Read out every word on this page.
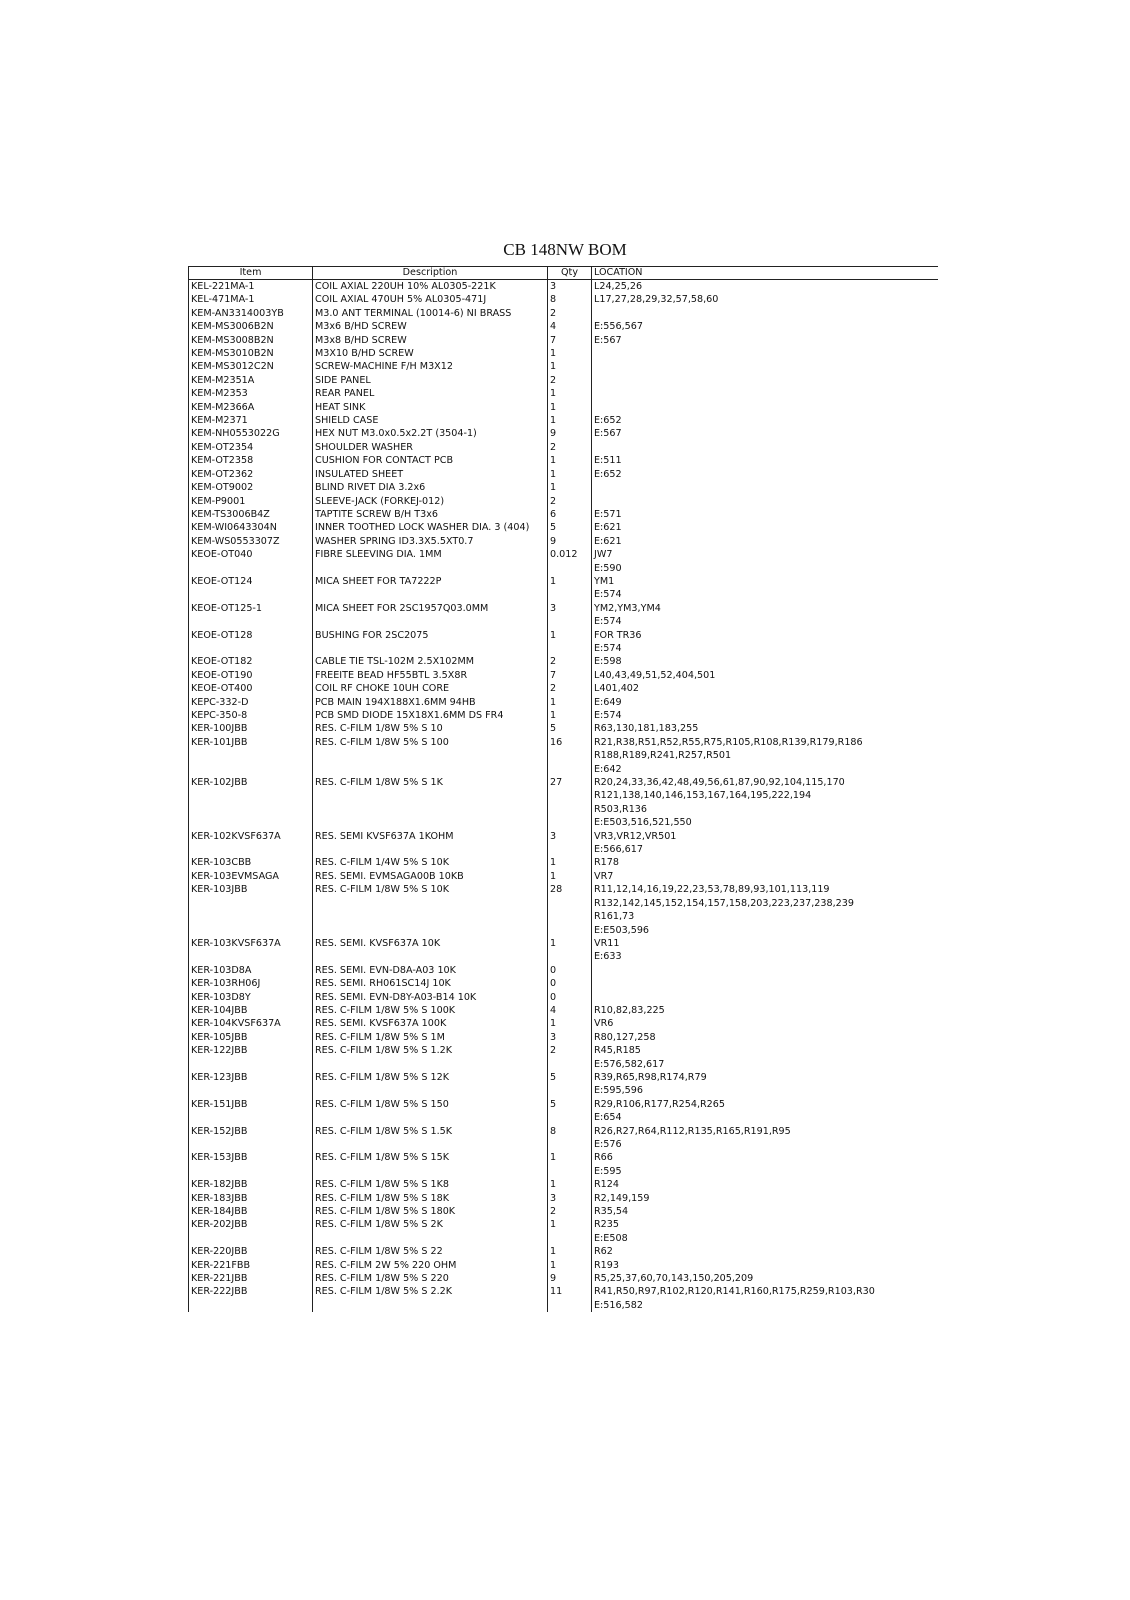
CB 148NW BOM
Item	Description	Qty	LOCATION
KEL-221MA-1	COIL AXIAL 220UH 10% AL0305-221K	3	L24,25,26

KEL-471MA-1	COIL AXIAL 470UH 5% AL0305-471J	8	L17,27,28,29,32,57,58,60

KEM-AN3314003YB	M3.0 ANT TERMINAL (10014-6) NI BRASS	2	
KEM-MS3006B2N	M3x6 B/HD SCREW	4	E:556,567

KEM-MS3008B2N	M3x8 B/HD SCREW	7	E:567

KEM-MS3010B2N	M3X10 B/HD SCREW	1	
KEM-MS3012C2N	SCREW-MACHINE F/H M3X12	1	
KEM-M2351A	SIDE PANEL	2	
KEM-M2353	REAR PANEL	1	
KEM-M2366A	HEAT SINK	1	
KEM-M2371	SHIELD CASE	1	E:652

KEM-NH0553022G	HEX NUT M3.0x0.5x2.2T (3504-1)	9	E:567

KEM-OT2354	SHOULDER WASHER	2	
KEM-OT2358	CUSHION FOR CONTACT PCB	1	E:511

KEM-OT2362	INSULATED SHEET	1	E:652

KEM-OT9002	BLIND RIVET DIA 3.2x6	1	
KEM-P9001	SLEEVE-JACK (FORKEJ-012)	2	
KEM-TS3006B4Z	TAPTITE SCREW B/H T3x6	6	E:571

KEM-WI0643304N	INNER TOOTHED LOCK WASHER DIA. 3 (404)	5	E:621

KEM-WS0553307Z	WASHER SPRING ID3.3X5.5XT0.7	9	E:621

KEOE-OT040	FIBRE SLEEVING DIA. 1MM	0.012	JW7
E:590

KEOE-OT124	MICA SHEET FOR TA7222P	1	YM1
E:574

KEOE-OT125-1	MICA SHEET FOR 2SC1957Q03.0MM	3	YM2,YM3,YM4
E:574

KEOE-OT128	BUSHING FOR 2SC2075	1	FOR TR36
E:574

KEOE-OT182	CABLE TIE TSL-102M 2.5X102MM	2	E:598

KEOE-OT190	FREEITE BEAD HF55BTL 3.5X8R	7	L40,43,49,51,52,404,501

KEOE-OT400	COIL RF CHOKE 10UH CORE	2	L401,402

KEPC-332-D	PCB MAIN 194X188X1.6MM 94HB	1	E:649

KEPC-350-8	PCB SMD DIODE 15X18X1.6MM DS FR4	1	E:574

KER-100JBB	RES. C-FILM 1/8W 5% S 10	5	R63,130,181,183,255

KER-101JBB	RES. C-FILM 1/8W 5% S 100	16	R21,R38,R51,R52,R55,R75,R105,R108,R139,R179,R186
R188,R189,R241,R257,R501
E:642

KER-102JBB	RES. C-FILM 1/8W 5% S 1K	27	R20,24,33,36,42,48,49,56,61,87,90,92,104,115,170
R121,138,140,146,153,167,164,195,222,194
R503,R136
E:E503,516,521,550

KER-102KVSF637A	RES. SEMI KVSF637A 1KOHM	3	VR3,VR12,VR501
E:566,617

KER-103CBB	RES. C-FILM 1/4W 5% S 10K	1	R178

KER-103EVMSAGA	RES. SEMI. EVMSAGA00B 10KB	1	VR7

KER-103JBB	RES. C-FILM 1/8W 5% S 10K	28	R11,12,14,16,19,22,23,53,78,89,93,101,113,119
R132,142,145,152,154,157,158,203,223,237,238,239
R161,73
E:E503,596

KER-103KVSF637A	RES. SEMI. KVSF637A 10K	1	VR11
E:633

KER-103D8A	RES. SEMI. EVN-D8A-A03 10K	0	
KER-103RH06J	RES. SEMI. RH061SC14J 10K	0	
KER-103D8Y	RES. SEMI. EVN-D8Y-A03-B14 10K	0	
KER-104JBB	RES. C-FILM 1/8W 5% S 100K	4	R10,82,83,225

KER-104KVSF637A	RES. SEMI. KVSF637A 100K	1	VR6

KER-105JBB	RES. C-FILM 1/8W 5% S 1M	3	R80,127,258

KER-122JBB	RES. C-FILM 1/8W 5% S 1.2K	2	R45,R185
E:576,582,617

KER-123JBB	RES. C-FILM 1/8W 5% S 12K	5	R39,R65,R98,R174,R79
E:595,596

KER-151JBB	RES. C-FILM 1/8W 5% S 150	5	R29,R106,R177,R254,R265
E:654

KER-152JBB	RES. C-FILM 1/8W 5% S 1.5K	8	R26,R27,R64,R112,R135,R165,R191,R95
E:576

KER-153JBB	RES. C-FILM 1/8W 5% S 15K	1	R66
E:595

KER-182JBB	RES. C-FILM 1/8W 5% S 1K8	1	R124

KER-183JBB	RES. C-FILM 1/8W 5% S 18K	3	R2,149,159

KER-184JBB	RES. C-FILM 1/8W 5% S 180K	2	R35,54

KER-202JBB	RES. C-FILM 1/8W 5% S 2K	1	R235
E:E508

KER-220JBB	RES. C-FILM 1/8W 5% S 22	1	R62

KER-221FBB	RES. C-FILM 2W 5% 220 OHM	1	R193

KER-221JBB	RES. C-FILM 1/8W 5% S 220	9	R5,25,37,60,70,143,150,205,209

KER-222JBB	RES. C-FILM 1/8W 5% S 2.2K	11	R41,R50,R97,R102,R120,R141,R160,R175,R259,R103,R30
E:516,582
